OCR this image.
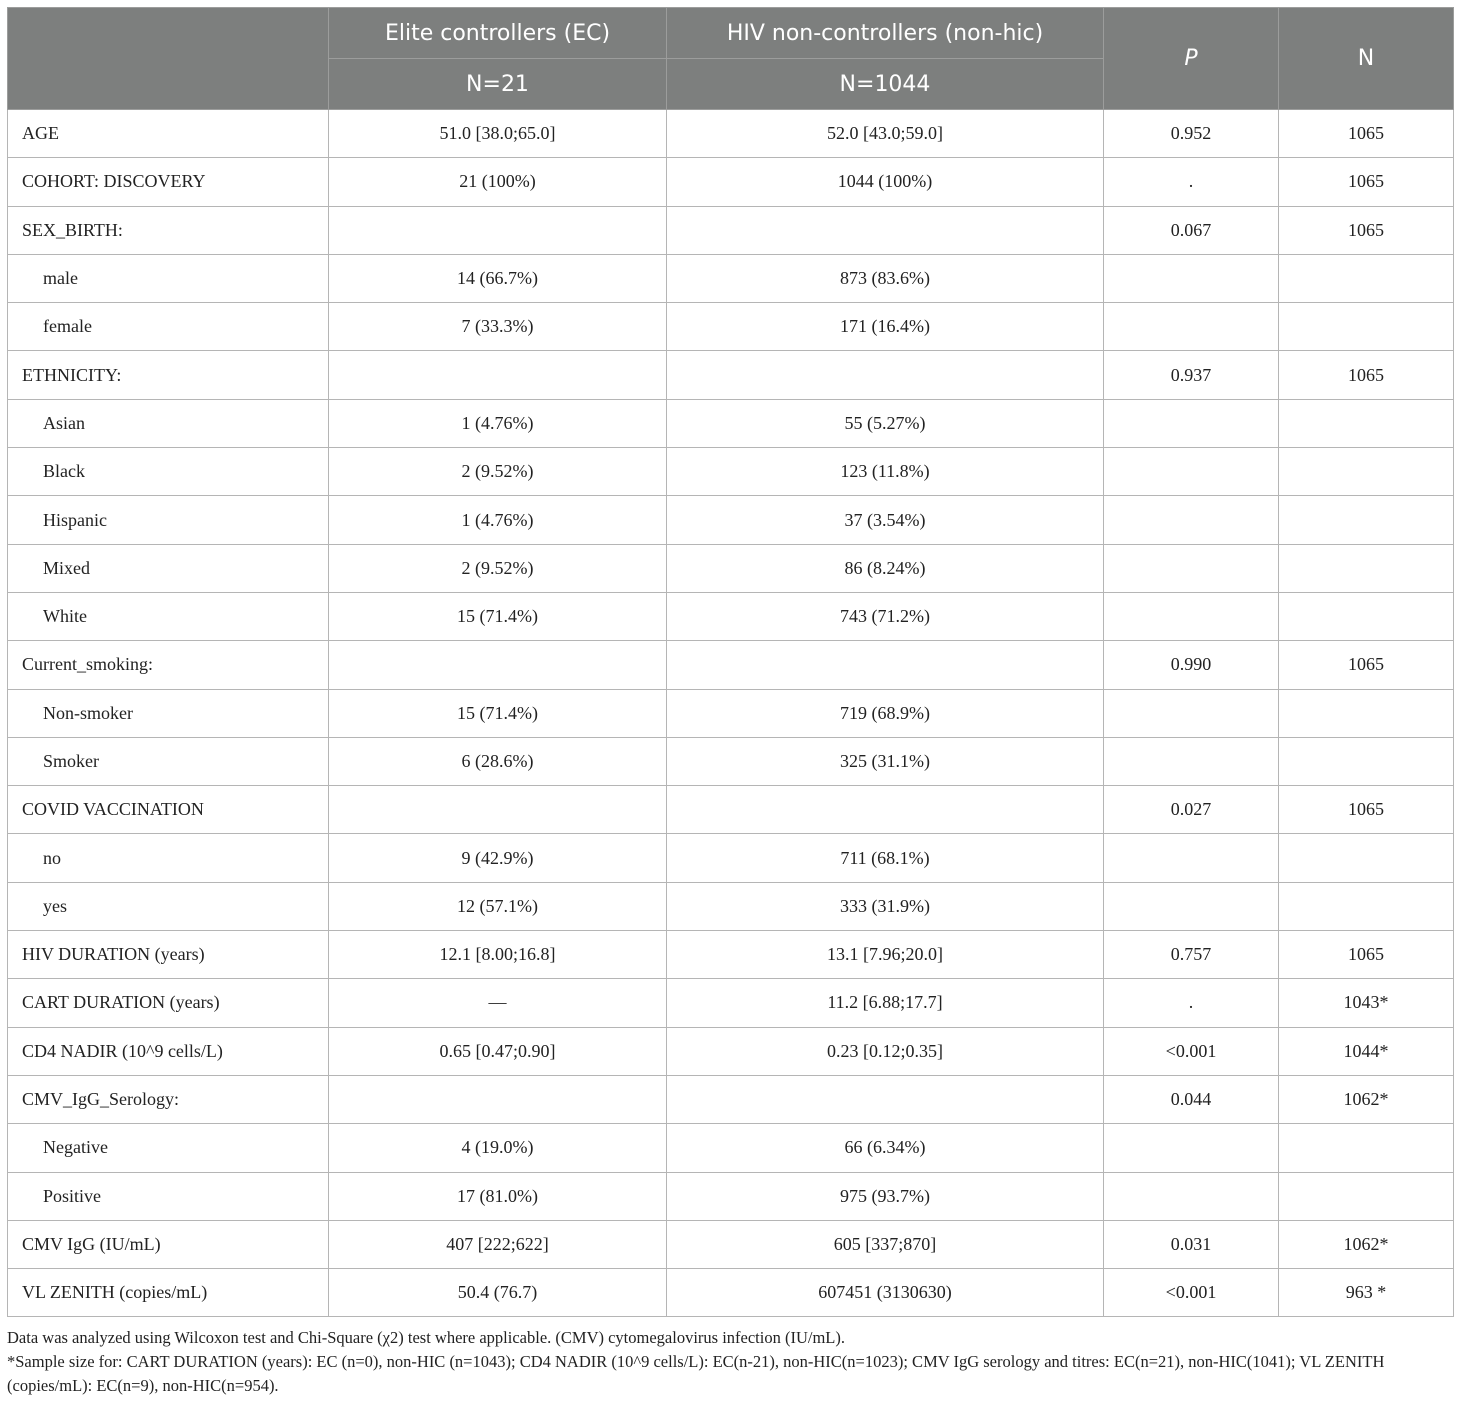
	Elite controllers (EC)	HIV non-controllers (non-hic)	P	N
	N=21	N=1044		
AGE	51.0 [38.0;65.0]	52.0 [43.0;59.0]	0.952	1065
COHORT: DISCOVERY	21 (100%)	1044 (100%)	.	1065
SEX_BIRTH:			0.067	1065
male	14 (66.7%)	873 (83.6%)		
female	7 (33.3%)	171 (16.4%)		
ETHNICITY:			0.937	1065
Asian	1 (4.76%)	55 (5.27%)		
Black	2 (9.52%)	123 (11.8%)		
Hispanic	1 (4.76%)	37 (3.54%)		
Mixed	2 (9.52%)	86 (8.24%)		
White	15 (71.4%)	743 (71.2%)		
Current_smoking:			0.990	1065
Non-smoker	15 (71.4%)	719 (68.9%)		
Smoker	6 (28.6%)	325 (31.1%)		
COVID VACCINATION			0.027	1065
no	9 (42.9%)	711 (68.1%)		
yes	12 (57.1%)	333 (31.9%)		
HIV DURATION (years)	12.1 [8.00;16.8]	13.1 [7.96;20.0]	0.757	1065
CART DURATION (years)	—	11.2 [6.88;17.7]	.	1043*
CD4 NADIR (10^9 cells/L)	0.65 [0.47;0.90]	0.23 [0.12;0.35]	<0.001	1044*
CMV_IgG_Serology:			0.044	1062*
Negative	4 (19.0%)	66 (6.34%)		
Positive	17 (81.0%)	975 (93.7%)		
CMV IgG (IU/mL)	407 [222;622]	605 [337;870]	0.031	1062*
VL ZENITH (copies/mL)	50.4 (76.7)	607451 (3130630)	<0.001	963 *

Data was analyzed using Wilcoxon test and Chi-Square (χ2) test where applicable. (CMV) cytomegalovirus infection (IU/mL).

*Sample size for: CART DURATION (years): EC (n=0), non-HIC (n=1043); CD4 NADIR (10^9 cells/L): EC(n-21), non-HIC(n=1023); CMV IgG serology and titres: EC(n=21), non-HIC(1041); VL ZENITH (copies/mL): EC(n=9), non-HIC(n=954).
